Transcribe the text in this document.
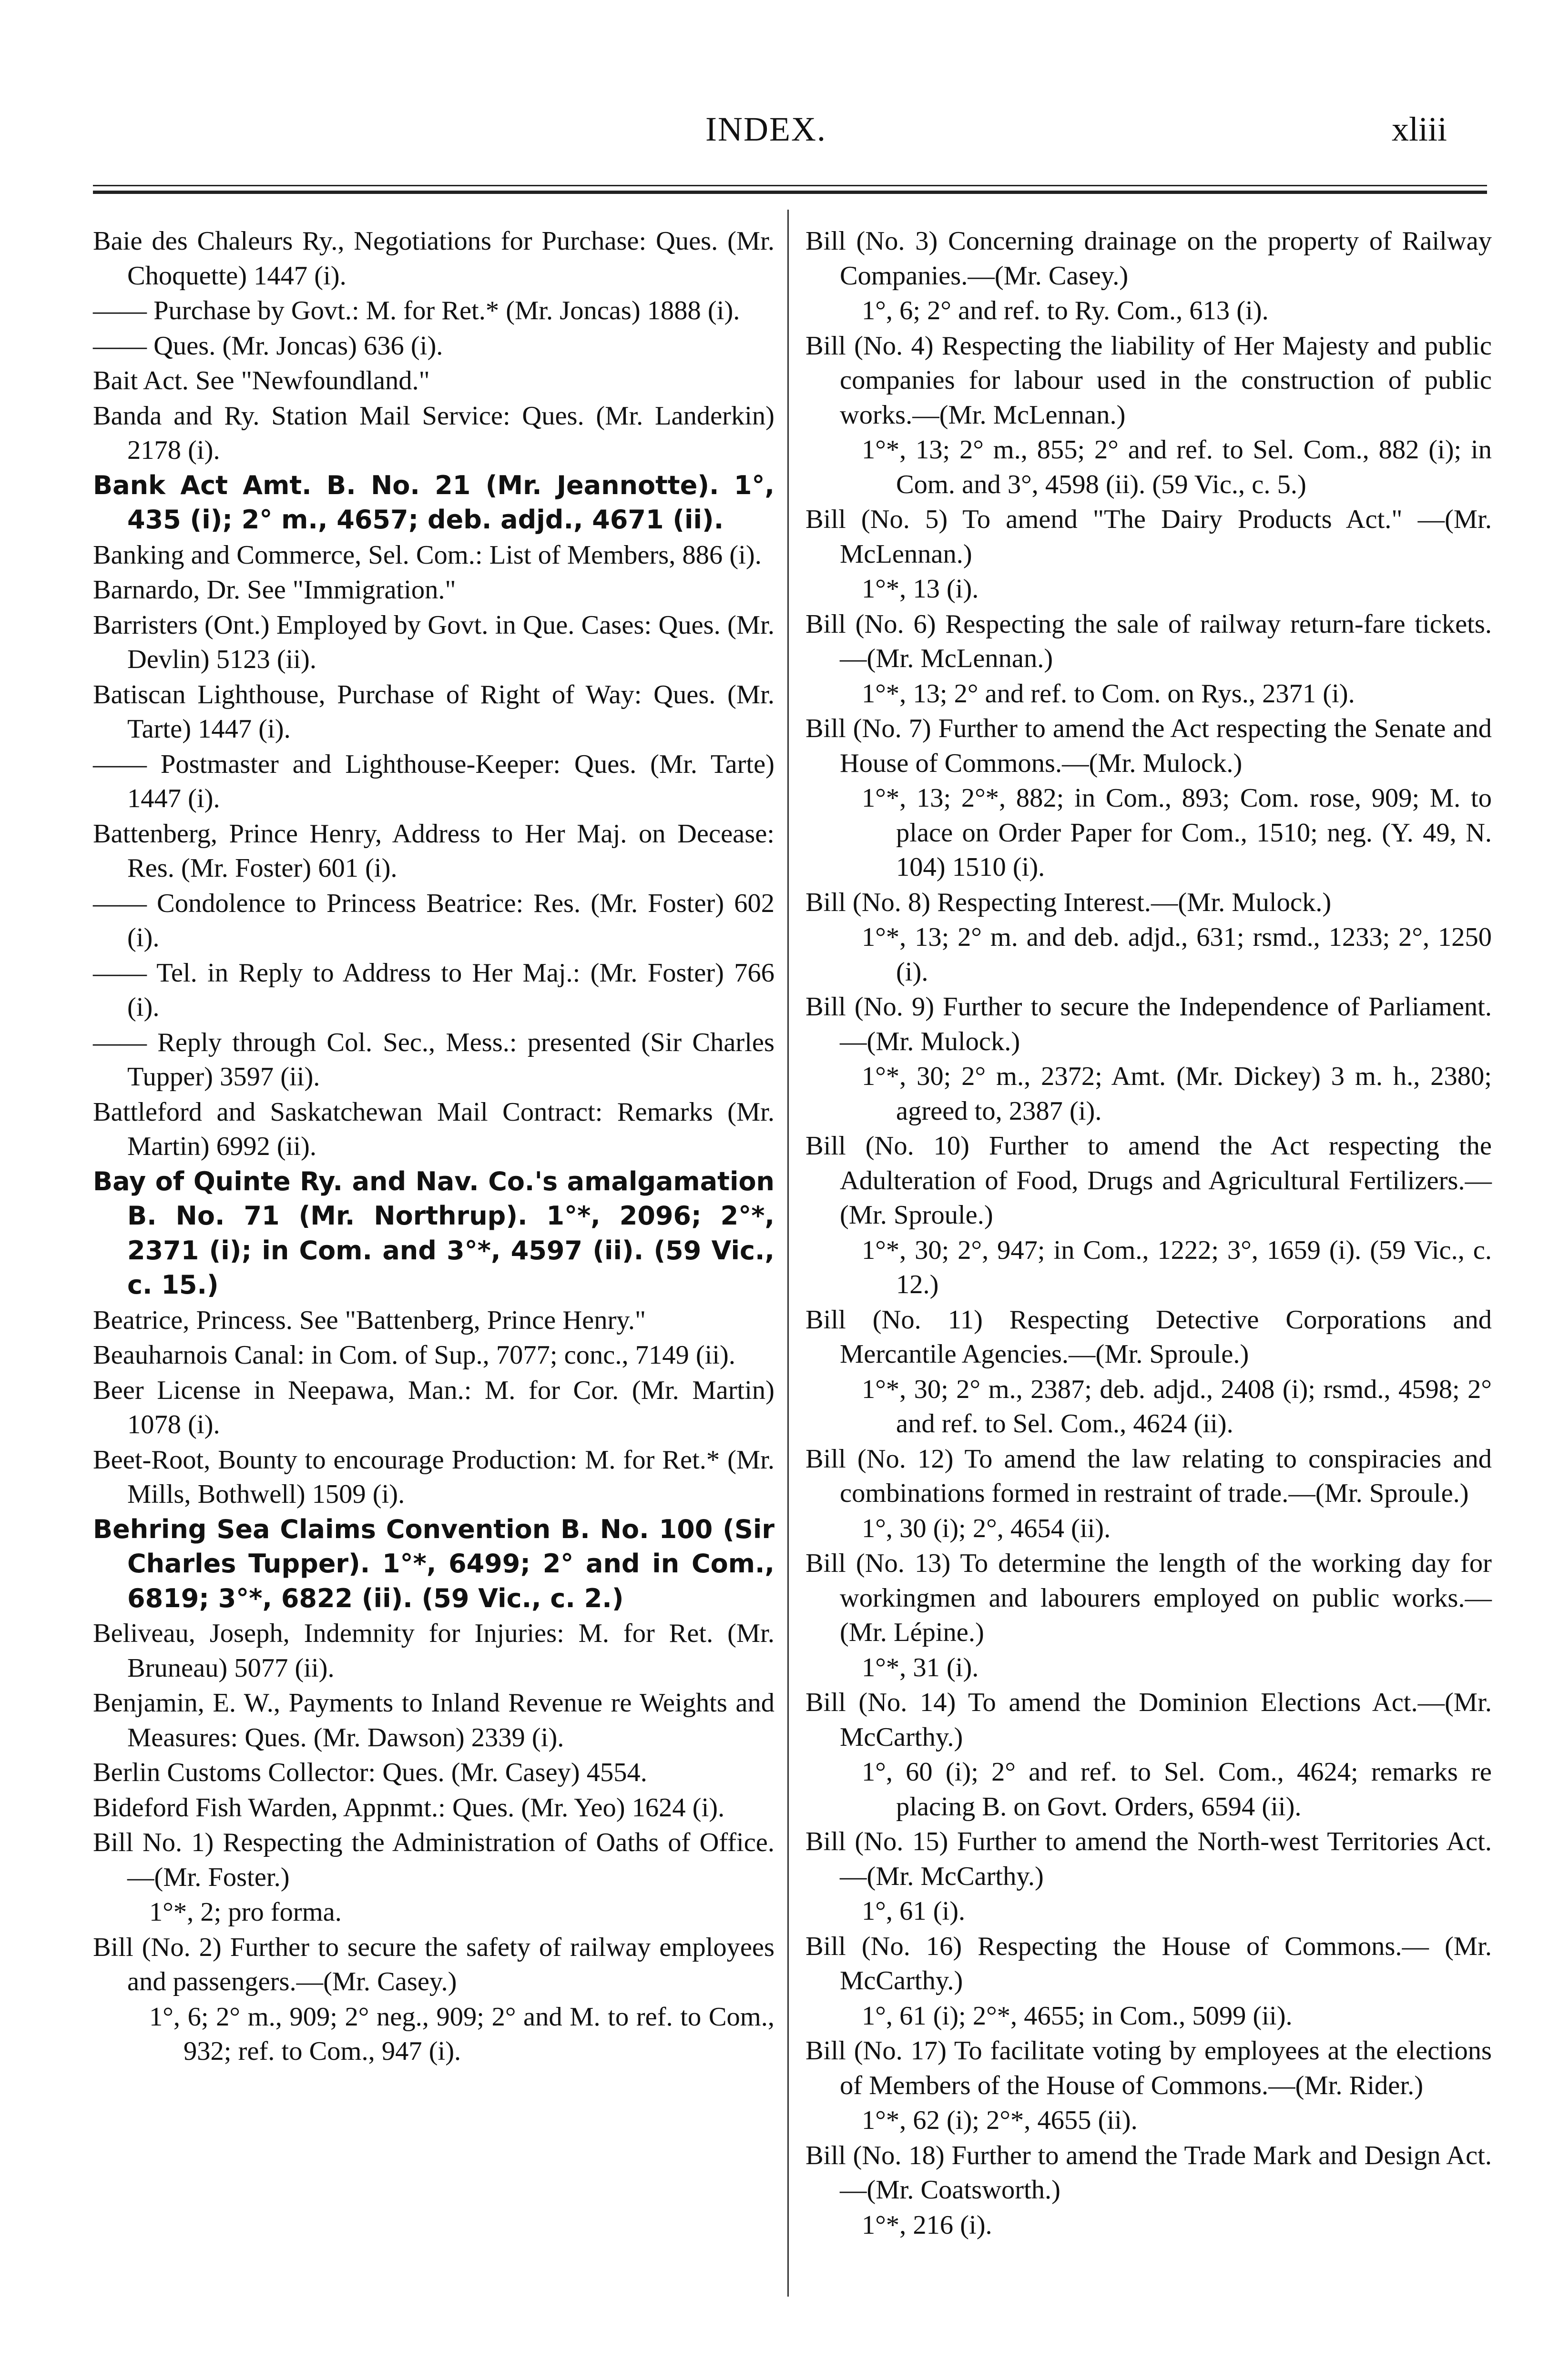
INDEX.	xliii
Baie des Chaleurs Ry., Negotiations for Purchase: Ques. (Mr. Choquette) 1447 (i).
—— Purchase by Govt.: M. for Ret.* (Mr. Joncas) 1888 (i).
—— Ques. (Mr. Joncas) 636 (i).
Bait Act. See "Newfoundland."
Banda and Ry. Station Mail Service: Ques. (Mr. Landerkin) 2178 (i).
Bank Act Amt. B. No. 21 (Mr. Jeannotte). 1°, 435 (i); 2° m., 4657; deb. adjd., 4671 (ii).
Banking and Commerce, Sel. Com.: List of Members, 886 (i).
Barnardo, Dr. See "Immigration."
Barristers (Ont.) Employed by Govt. in Que. Cases: Ques. (Mr. Devlin) 5123 (ii).
Batiscan Lighthouse, Purchase of Right of Way: Ques. (Mr. Tarte) 1447 (i).
—— Postmaster and Lighthouse-Keeper: Ques. (Mr. Tarte) 1447 (i).
Battenberg, Prince Henry, Address to Her Maj. on Decease: Res. (Mr. Foster) 601 (i).
—— Condolence to Princess Beatrice: Res. (Mr. Foster) 602 (i).
—— Tel. in Reply to Address to Her Maj.: (Mr. Foster) 766 (i).
—— Reply through Col. Sec., Mess.: presented (Sir Charles Tupper) 3597 (ii).
Battleford and Saskatchewan Mail Contract: Remarks (Mr. Martin) 6992 (ii).
Bay of Quinte Ry. and Nav. Co.'s amalgamation B. No. 71 (Mr. Northrup). 1°*, 2096; 2°*, 2371 (i); in Com. and 3°*, 4597 (ii). (59 Vic., c. 15.)
Beatrice, Princess. See "Battenberg, Prince Henry."
Beauharnois Canal: in Com. of Sup., 7077; conc., 7149 (ii).
Beer License in Neepawa, Man.: M. for Cor. (Mr. Martin) 1078 (i).
Beet-Root, Bounty to encourage Production: M. for Ret.* (Mr. Mills, Bothwell) 1509 (i).
Behring Sea Claims Convention B. No. 100 (Sir Charles Tupper). 1°*, 6499; 2° and in Com., 6819; 3°*, 6822 (ii). (59 Vic., c. 2.)
Beliveau, Joseph, Indemnity for Injuries: M. for Ret. (Mr. Bruneau) 5077 (ii).
Benjamin, E. W., Payments to Inland Revenue re Weights and Measures: Ques. (Mr. Dawson) 2339 (i).
Berlin Customs Collector: Ques. (Mr. Casey) 4554.
Bideford Fish Warden, Appnmt.: Ques. (Mr. Yeo) 1624 (i).
Bill No. 1) Respecting the Administration of Oaths of Office.—(Mr. Foster.)
1°*, 2; pro forma.
Bill (No. 2) Further to secure the safety of railway employees and passengers.—(Mr. Casey.)
1°, 6; 2° m., 909; 2° neg., 909; 2° and M. to ref. to Com., 932; ref. to Com., 947 (i).
Bill (No. 3) Concerning drainage on the property of Railway Companies.—(Mr. Casey.)
1°, 6; 2° and ref. to Ry. Com., 613 (i).
Bill (No. 4) Respecting the liability of Her Majesty and public companies for labour used in the construction of public works.—(Mr. McLennan.)
1°*, 13; 2° m., 855; 2° and ref. to Sel. Com., 882 (i); in Com. and 3°, 4598 (ii). (59 Vic., c. 5.)
Bill (No. 5) To amend "The Dairy Products Act." —(Mr. McLennan.)
1°*, 13 (i).
Bill (No. 6) Respecting the sale of railway return-fare tickets.—(Mr. McLennan.)
1°*, 13; 2° and ref. to Com. on Rys., 2371 (i).
Bill (No. 7) Further to amend the Act respecting the Senate and House of Commons.—(Mr. Mulock.)
1°*, 13; 2°*, 882; in Com., 893; Com. rose, 909; M. to place on Order Paper for Com., 1510; neg. (Y. 49, N. 104) 1510 (i).
Bill (No. 8) Respecting Interest.—(Mr. Mulock.)
1°*, 13; 2° m. and deb. adjd., 631; rsmd., 1233; 2°, 1250 (i).
Bill (No. 9) Further to secure the Independence of Parliament.—(Mr. Mulock.)
1°*, 30; 2° m., 2372; Amt. (Mr. Dickey) 3 m. h., 2380; agreed to, 2387 (i).
Bill (No. 10) Further to amend the Act respecting the Adulteration of Food, Drugs and Agricultural Fertilizers.—(Mr. Sproule.)
1°*, 30; 2°, 947; in Com., 1222; 3°, 1659 (i). (59 Vic., c. 12.)
Bill (No. 11) Respecting Detective Corporations and Mercantile Agencies.—(Mr. Sproule.)
1°*, 30; 2° m., 2387; deb. adjd., 2408 (i); rsmd., 4598; 2° and ref. to Sel. Com., 4624 (ii).
Bill (No. 12) To amend the law relating to conspiracies and combinations formed in restraint of trade.—(Mr. Sproule.)
1°, 30 (i); 2°, 4654 (ii).
Bill (No. 13) To determine the length of the working day for workingmen and labourers employed on public works.—(Mr. Lépine.)
1°*, 31 (i).
Bill (No. 14) To amend the Dominion Elections Act.—(Mr. McCarthy.)
1°, 60 (i); 2° and ref. to Sel. Com., 4624; remarks re placing B. on Govt. Orders, 6594 (ii).
Bill (No. 15) Further to amend the North-west Territories Act.—(Mr. McCarthy.)
1°, 61 (i).
Bill (No. 16) Respecting the House of Commons.— (Mr. McCarthy.)
1°, 61 (i); 2°*, 4655; in Com., 5099 (ii).
Bill (No. 17) To facilitate voting by employees at the elections of Members of the House of Commons.—(Mr. Rider.)
1°*, 62 (i); 2°*, 4655 (ii).
Bill (No. 18) Further to amend the Trade Mark and Design Act.—(Mr. Coatsworth.)
1°*, 216 (i).
